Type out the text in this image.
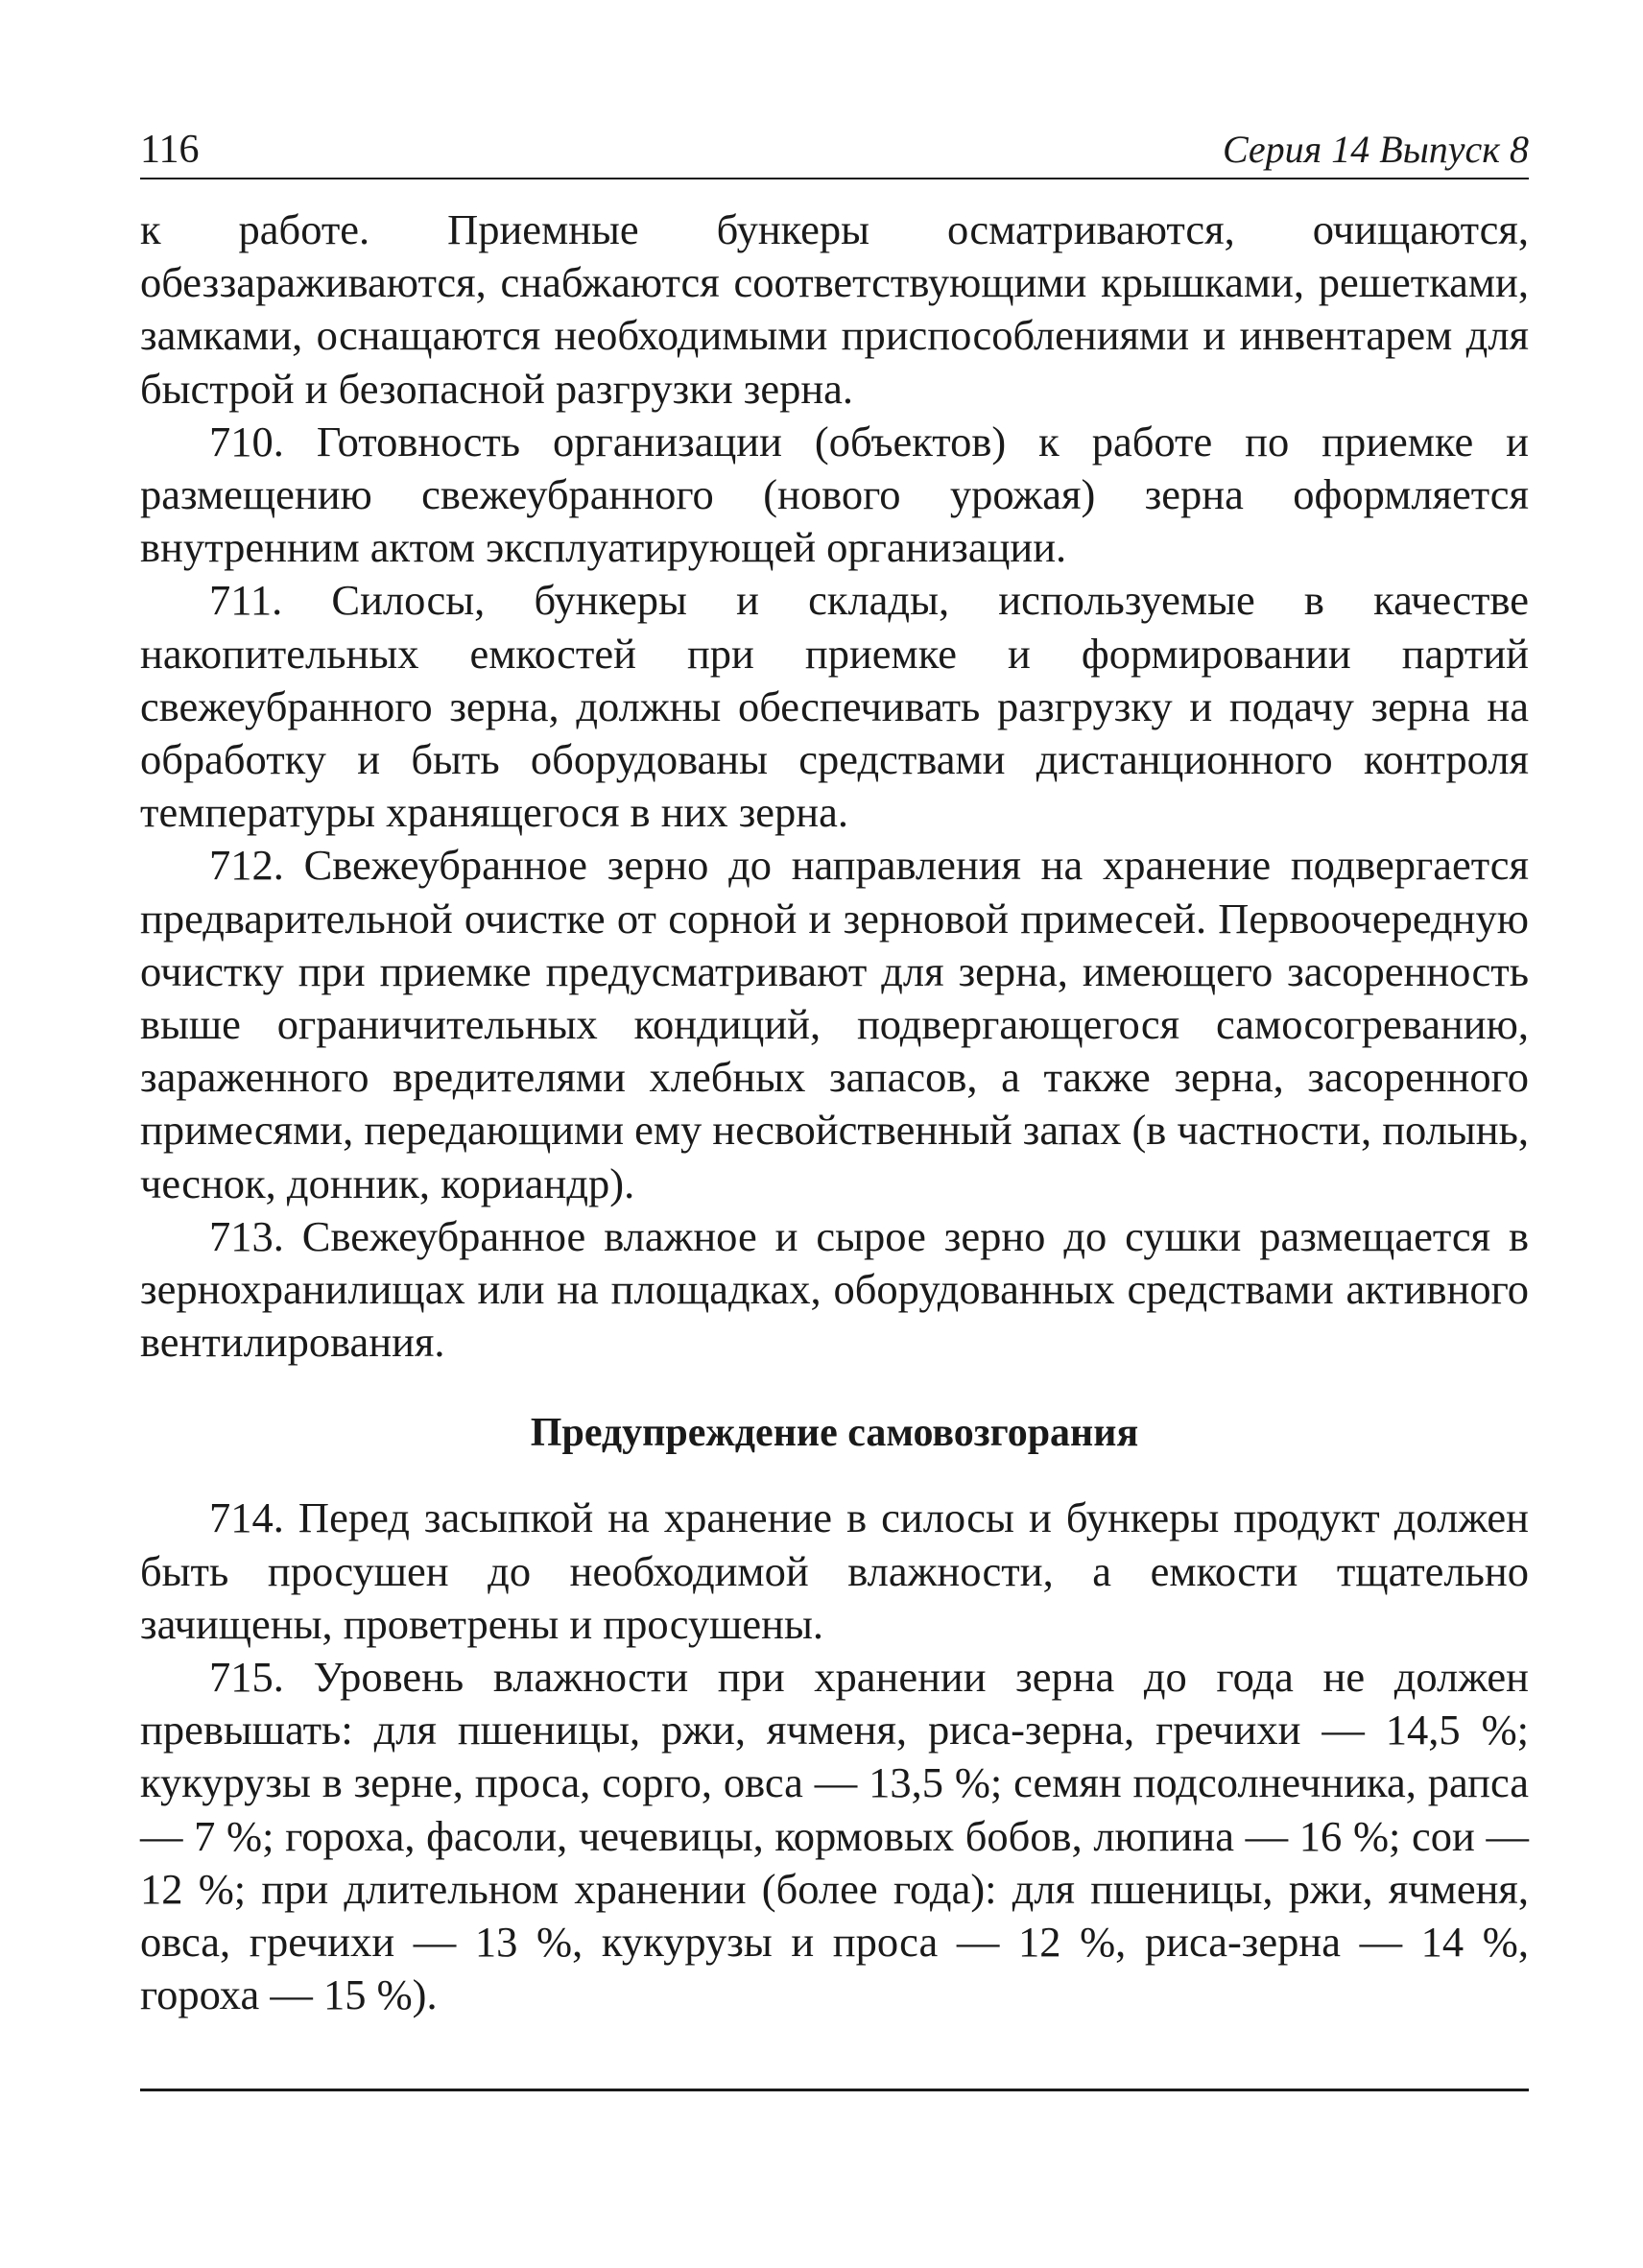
116	Серия 14 Выпуск 8

к работе. Приемные бункеры осматриваются, очищаются, обеззараживаются, снабжаются соответствующими крышками, решетками, замками, оснащаются необходимыми приспособлениями и инвентарем для быстрой и безопасной разгрузки зерна.

710. Готовность организации (объектов) к работе по приемке и размещению свежеубранного (нового урожая) зерна оформляется внутренним актом эксплуатирующей организации.

711. Силосы, бункеры и склады, используемые в качестве накопительных емкостей при приемке и формировании партий свежеубранного зерна, должны обеспечивать разгрузку и подачу зерна на обработку и быть оборудованы средствами дистанционного контроля температуры хранящегося в них зерна.

712. Свежеубранное зерно до направления на хранение подвергается предварительной очистке от сорной и зерновой примесей. Первоочередную очистку при приемке предусматривают для зерна, имеющего засоренность выше ограничительных кондиций, подвергающегося самосогреванию, зараженного вредителями хлебных запасов, а также зерна, засоренного примесями, передающими ему несвойственный запах (в частности, полынь, чеснок, донник, кориандр).

713. Свежеубранное влажное и сырое зерно до сушки размещается в зернохранилищах или на площадках, оборудованных средствами активного вентилирования.

Предупреждение самовозгорания

714. Перед засыпкой на хранение в силосы и бункеры продукт должен быть просушен до необходимой влажности, а емкости тщательно зачищены, проветрены и просушены.

715. Уровень влажности при хранении зерна до года не должен превышать: для пшеницы, ржи, ячменя, риса-зерна, гречихи — 14,5 %; кукурузы в зерне, проса, сорго, овса — 13,5 %; семян подсолнечника, рапса — 7 %; гороха, фасоли, чечевицы, кормовых бобов, люпина — 16 %; сои — 12 %; при длительном хранении (более года): для пшеницы, ржи, ячменя, овса, гречихи — 13 %, кукурузы и проса — 12 %, риса-зерна — 14 %, гороха — 15 %).
